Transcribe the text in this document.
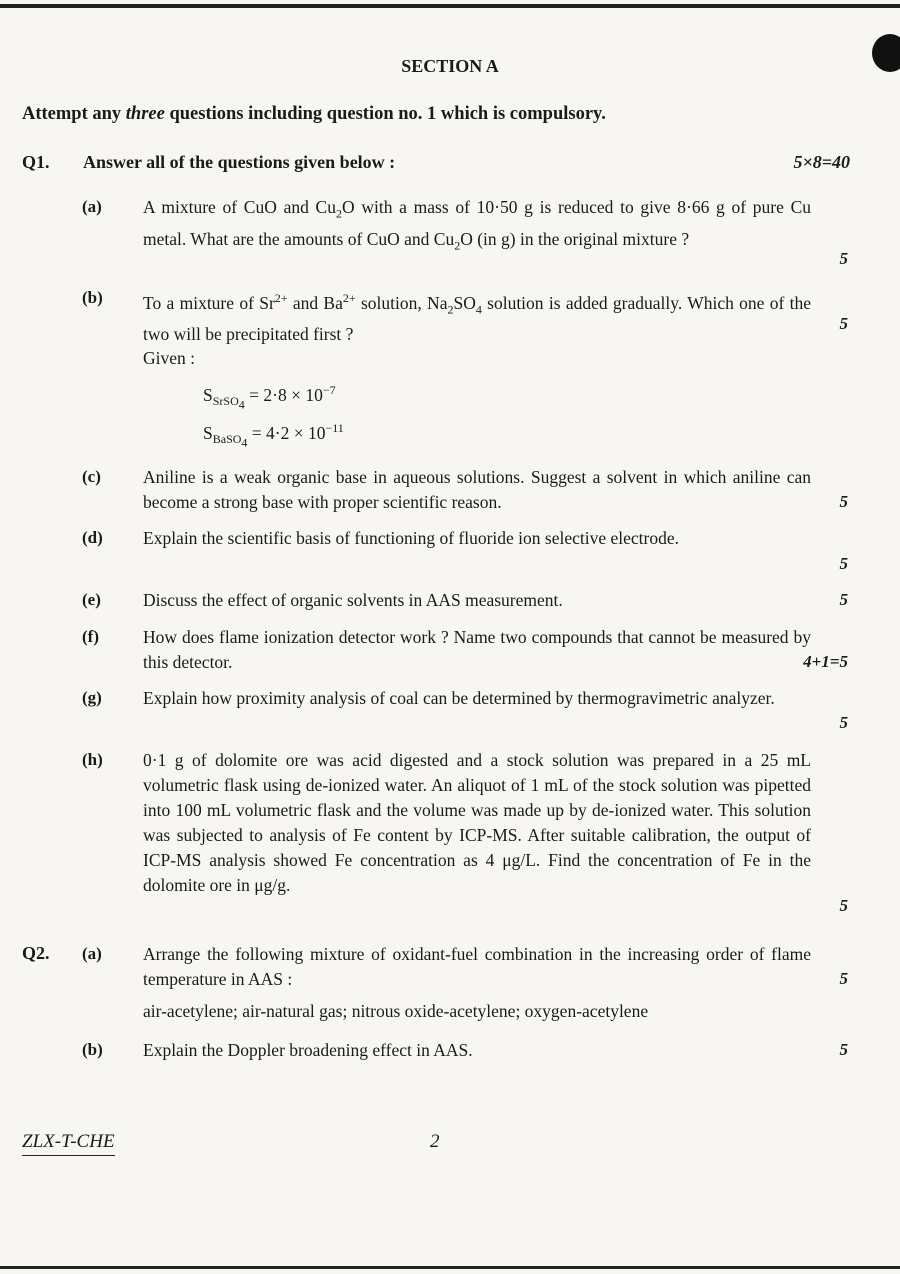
SECTION A
Attempt any three questions including question no. 1 which is compulsory.
Q1. Answer all of the questions given below :	5×8=40
(a) A mixture of CuO and $Cu_2O$ with a mass of 10·50 g is reduced to give 8·66 g of pure Cu metal. What are the amounts of CuO and $Cu_2O$ (in g) in the original mixture ?
5
(b) To a mixture of $Sr^{2+}$ and $Ba^{2+}$ solution, $Na_2SO_4$ solution is added gradually. Which one of the two will be precipitated first ?
5
Given :
$S_{SrSO_4} = 2\cdot 8 \times 10^{-7}$
$S_{BaSO_4} = 4\cdot 2 \times 10^{-11}$
(c) Aniline is a weak organic base in aqueous solutions. Suggest a solvent in which aniline can become a strong base with proper scientific reason.	5
(d) Explain the scientific basis of functioning of fluoride ion selective electrode.
5
(e) Discuss the effect of organic solvents in AAS measurement.	5
(f)	How does flame ionization detector work ? Name two compounds that cannot be measured by this detector.	4+1=5
(g) Explain how proximity analysis of coal can be determined by thermogravimetric analyzer.
5
(h) 0·1 g of dolomite ore was acid digested and a stock solution was prepared in a 25 mL volumetric flask using de-ionized water. An aliquot of 1 mL of the stock solution was pipetted into 100 mL volumetric flask and the volume was made up by de-ionized water. This solution was subjected to analysis of Fe content by ICP-MS. After suitable calibration, the output of ICP-MS analysis showed Fe concentration as 4 μg/L. Find the concentration of Fe in the dolomite ore in μg/g.
5
Q2. (a) Arrange the following mixture of oxidant-fuel combination in the increasing order of flame temperature in AAS :	5
air-acetylene; air-natural gas; nitrous oxide-acetylene; oxygen-acetylene
(b) Explain the Doppler broadening effect in AAS.	5
ZLX-T-CHE	2
